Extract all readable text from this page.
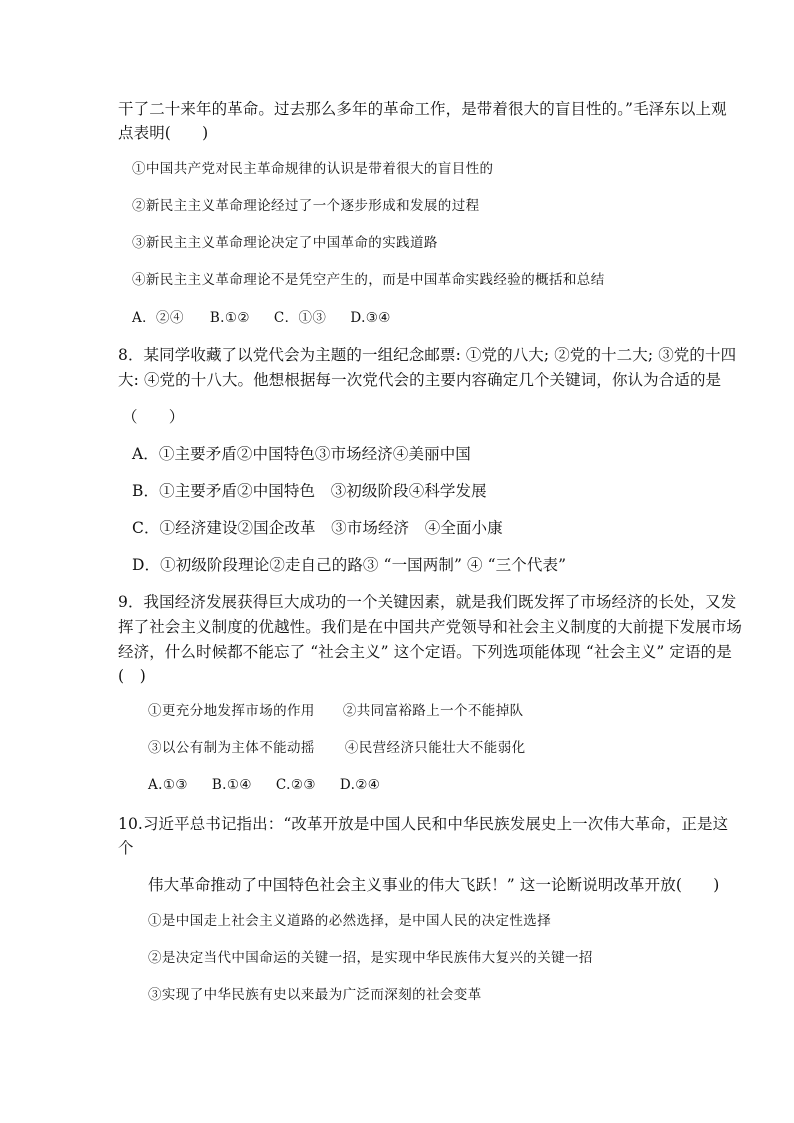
干了二十来年的革命。过去那么多年的革命工作，是带着很大的盲目性的。”毛泽东以上观
点表明(　　)
①中国共产党对民主革命规律的认识是带着很大的盲目性的
②新民主主义革命理论经过了一个逐步形成和发展的过程
③新民主主义革命理论决定了中国革命的实践道路
④新民主主义革命理论不是凭空产生的，而是中国革命实践经验的概括和总结
A．②④ B.①② C．①③ D.③④
8．某同学收藏了以党代会为主题的一组纪念邮票: ①党的八大; ②党的十二大; ③党的十四
大: ④党的十八大。他想根据每一次党代会的主要内容确定几个关键词，你认为合适的是
（　　）
A．①主要矛盾②中国特色③市场经济④美丽中国
B．①主要矛盾②中国特色　③初级阶段④科学发展
C．①经济建设②国企改革　③市场经济　④全面小康
D．①初级阶段理论②走自己的路③ “一国两制” ④ “三个代表”
9．我国经济发展获得巨大成功的一个关键因素，就是我们既发挥了市场经济的长处，又发
挥了社会主义制度的优越性。我们是在中国共产党领导和社会主义制度的大前提下发展市场
经济，什么时候都不能忘了 “社会主义” 这个定语。下列选项能体现 “社会主义” 定语的是
(　)
①更充分地发挥市场的作用 ②共同富裕路上一个不能掉队
③以公有制为主体不能动摇 ④民营经济只能壮大不能弱化
A.①③ B.①④ C.②③ D.②④
10.习近平总书记指出：“改革开放是中国人民和中华民族发展史上一次伟大革命，正是这
个
伟大革命推动了中国特色社会主义事业的伟大飞跃！” 这一论断说明改革开放(　　)
①是中国走上社会主义道路的必然选择，是中国人民的决定性选择
②是决定当代中国命运的关键一招，是实现中华民族伟大复兴的关键一招
③实现了中华民族有史以来最为广泛而深刻的社会变革
